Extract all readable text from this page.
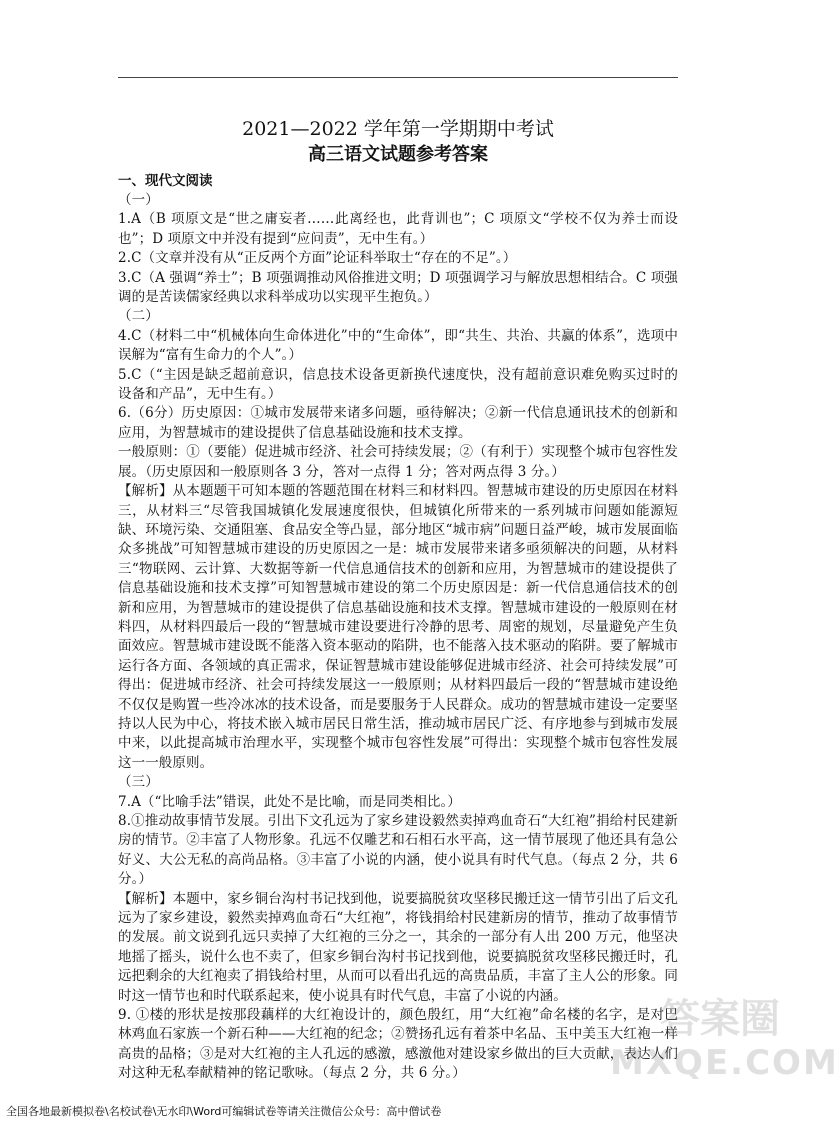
2021—2022 学年第一学期期中考试

高三语文试题参考答案

一、现代文阅读

（一）

1.A（B 项原文是“世之庸妄者……此离经也，此背训也”；C 项原文“学校不仅为养士而设也”；D 项原文中并没有提到“应问责”，无中生有。）

2.C（文章并没有从“正反两个方面”论证科举取士“存在的不足”。）

3.C（A 强调“养士”；B 项强调推动风俗推进文明；D 项强调学习与解放思想相结合。C 项强调的是苦读儒家经典以求科举成功以实现平生抱负。）

（二）

4.C（材料二中“机械体向生命体进化”中的“生命体”，即“共生、共治、共赢的体系”，选项中误解为“富有生命力的个人”。）

5.C（“主因是缺乏超前意识，信息技术设备更新换代速度快，没有超前意识难免购买过时的设备和产品”，无中生有。）

6.（6分）历史原因：①城市发展带来诸多问题，亟待解决；②新一代信息通讯技术的创新和应用，为智慧城市的建设提供了信息基础设施和技术支撑。

一般原则：①（要能）促进城市经济、社会可持续发展；②（有利于）实现整个城市包容性发展。（历史原因和一般原则各 3 分，答对一点得 1 分；答对两点得 3 分。）

【解析】从本题题干可知本题的答题范围在材料三和材料四。智慧城市建设的历史原因在材料三，从材料三“尽管我国城镇化发展速度很快，但城镇化所带来的一系列城市问题如能源短缺、环境污染、交通阻塞、食品安全等凸显，部分地区“城市病”问题日益严峻，城市发展面临众多挑战”可知智慧城市建设的历史原因之一是：城市发展带来诸多亟须解决的问题，从材料三“物联网、云计算、大数据等新一代信息通信技术的创新和应用，为智慧城市的建设提供了信息基础设施和技术支撑”可知智慧城市建设的第二个历史原因是：新一代信息通信技术的创新和应用，为智慧城市的建设提供了信息基础设施和技术支撑。智慧城市建设的一般原则在材料四，从材料四最后一段的“智慧城市建设要进行冷静的思考、周密的规划，尽量避免产生负面效应。智慧城市建设既不能落入资本驱动的陷阱，也不能落入技术驱动的陷阱。要了解城市运行各方面、各领域的真正需求，保证智慧城市建设能够促进城市经济、社会可持续发展”可得出：促进城市经济、社会可持续发展这一一般原则；从材料四最后一段的“智慧城市建设绝不仅仅是购置一些冷冰冰的技术设备，而是要服务于人民群众。成功的智慧城市建设一定要坚持以人民为中心，将技术嵌入城市居民日常生活，推动城市居民广泛、有序地参与到城市发展中来，以此提高城市治理水平，实现整个城市包容性发展”可得出：实现整个城市包容性发展这一一般原则。

（三）

7.A（“比喻手法”错误，此处不是比喻，而是同类相比。）

8.①推动故事情节发展。引出下文孔远为了家乡建设毅然卖掉鸡血奇石“大红袍”捐给村民建新房的情节。②丰富了人物形象。孔远不仅雕艺和石相石水平高，这一情节展现了他还具有急公好义、大公无私的高尚品格。③丰富了小说的内涵，使小说具有时代气息。（每点 2 分，共 6 分。）

【解析】本题中，家乡铜台沟村书记找到他，说要搞脱贫攻坚移民搬迁这一情节引出了后文孔远为了家乡建设，毅然卖掉鸡血奇石“大红袍”，将钱捐给村民建新房的情节，推动了故事情节的发展。前文说到孔远只卖掉了大红袍的三分之一，其余的一部分有人出 200 万元，他坚决地摇了摇头，说什么也不卖了，但家乡铜台沟村书记找到他，说要搞脱贫攻坚移民搬迁时，孔远把剩余的大红袍卖了捐钱给村里，从而可以看出孔远的高贵品质，丰富了主人公的形象。同时这一情节也和时代联系起来，使小说具有时代气息，丰富了小说的内涵。

9. ①楼的形状是按那段藕样的大红袍设计的，颜色殷红，用“大红袍”命名楼的名字，是对巴林鸡血石家族一个新石种——大红袍的纪念；②赞扬孔远有着茶中名品、玉中美玉大红袍一样高贵的品格；③是对大红袍的主人孔远的感激，感激他对建设家乡做出的巨大贡献，表达人们对这种无私奉献精神的铭记歌咏。（每点 2 分，共 6 分。）

答案圈
MXQE.COM
全国各地最新模拟卷\名校试卷\无水印\Word可编辑试卷等请关注微信公众号：高中僧试卷
